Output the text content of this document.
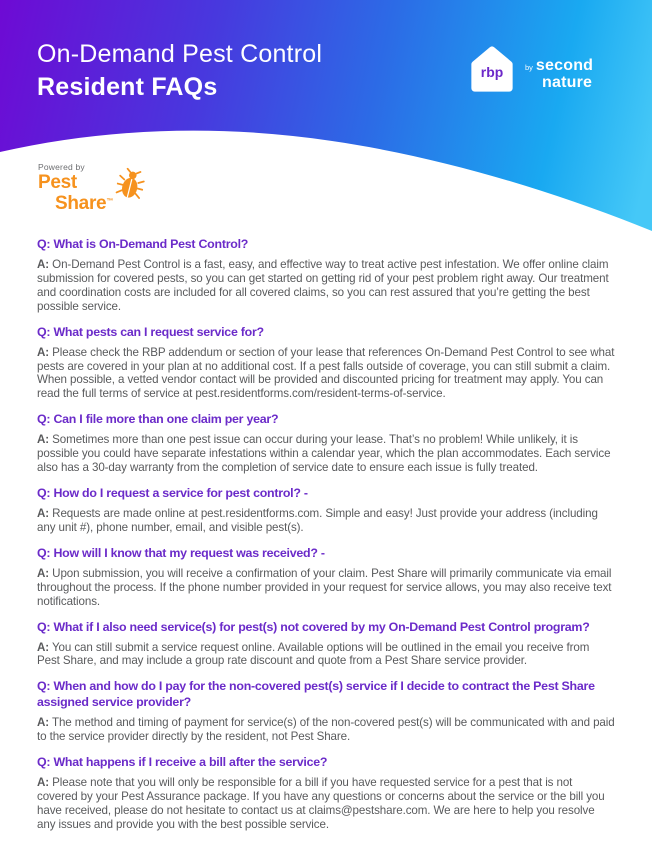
On-Demand Pest Control
Resident FAQs
rbp	by second
nature
Powered by
Pest
Share™
Q: What is On-Demand Pest Control?
A: On-Demand Pest Control is a fast, easy, and effective way to treat active pest infestation. We offer online claim submission for covered pests, so you can get started on getting rid of your pest problem right away. Our treatment and coordination costs are included for all covered claims, so you can rest assured that you’re getting the best possible service.
Q: What pests can I request service for?
A: Please check the RBP addendum or section of your lease that references On-Demand Pest Control to see what pests are covered in your plan at no additional cost. If a pest falls outside of coverage, you can still submit a claim. When possible, a vetted vendor contact will be provided and discounted pricing for treatment may apply. You can read the full terms of service at pest.residentforms.com/resident-terms-of-service.
Q: Can I file more than one claim per year?
A: Sometimes more than one pest issue can occur during your lease. That’s no problem! While unlikely, it is possible you could have separate infestations within a calendar year, which the plan accommodates. Each service also has a 30-day warranty from the completion of service date to ensure each issue is fully treated.
Q: How do I request a service for pest control? -
A: Requests are made online at pest.residentforms.com. Simple and easy! Just provide your address (including any unit #), phone number, email, and visible pest(s).
Q: How will I know that my request was received? -
A: Upon submission, you will receive a confirmation of your claim. Pest Share will primarily communicate via email throughout the process. If the phone number provided in your request for service allows, you may also receive text notifications.
Q: What if I also need service(s) for pest(s) not covered by my On-Demand Pest Control program?
A: You can still submit a service request online. Available options will be outlined in the email you receive from Pest Share, and may include a group rate discount and quote from a Pest Share service provider.
Q: When and how do I pay for the non-covered pest(s) service if I decide to contract the Pest Share assigned service provider?
A: The method and timing of payment for service(s) of the non-covered pest(s) will be communicated with and paid to the service provider directly by the resident, not Pest Share.
Q: What happens if I receive a bill after the service?
A: Please note that you will only be responsible for a bill if you have requested service for a pest that is not covered by your Pest Assurance package. If you have any questions or concerns about the service or the bill you have received, please do not hesitate to contact us at claims@pestshare.com. We are here to help you resolve any issues and provide you with the best possible service.
